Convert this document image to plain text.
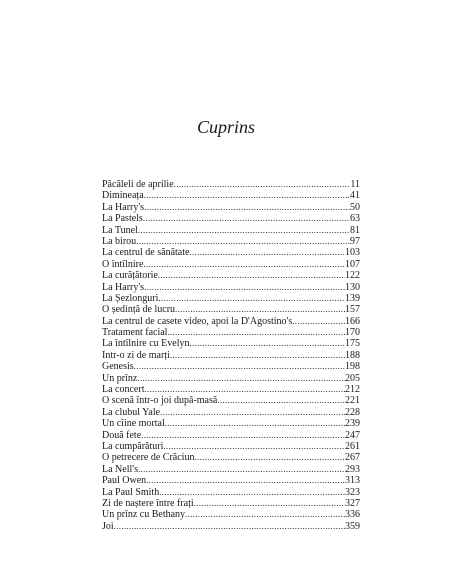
Cuprins
Păcăleli de aprilie .....	11
Dimineața .....	41
La Harry's .....	50
La Pastels .....	63
La Tunel .....	81
La birou .....	97
La centrul de sănătate .....	103
O întîlnire .....	107
La curățătorie .....	122
La Harry's .....	130
La Șezlonguri .....	139
O ședință de lucru .....	157
La centrul de casete video, apoi la D'Agostino's .....	166
Tratament facial .....	170
La întîlnire cu Evelyn .....	175
Într-o zi de marți .....	188
Genesis .....	198
Un prînz .....	205
La concert .....	212
O scenă într-o joi după-masă .....	221
La clubul Yale .....	228
Un cîine mortal .....	239
Două fete .....	247
La cumpărături .....	261
O petrecere de Crăciun .....	267
La Nell's .....	293
Paul Owen .....	313
La Paul Smith .....	323
Zi de naștere între frați .....	327
Un prînz cu Bethany .....	336
Joi .....	359
